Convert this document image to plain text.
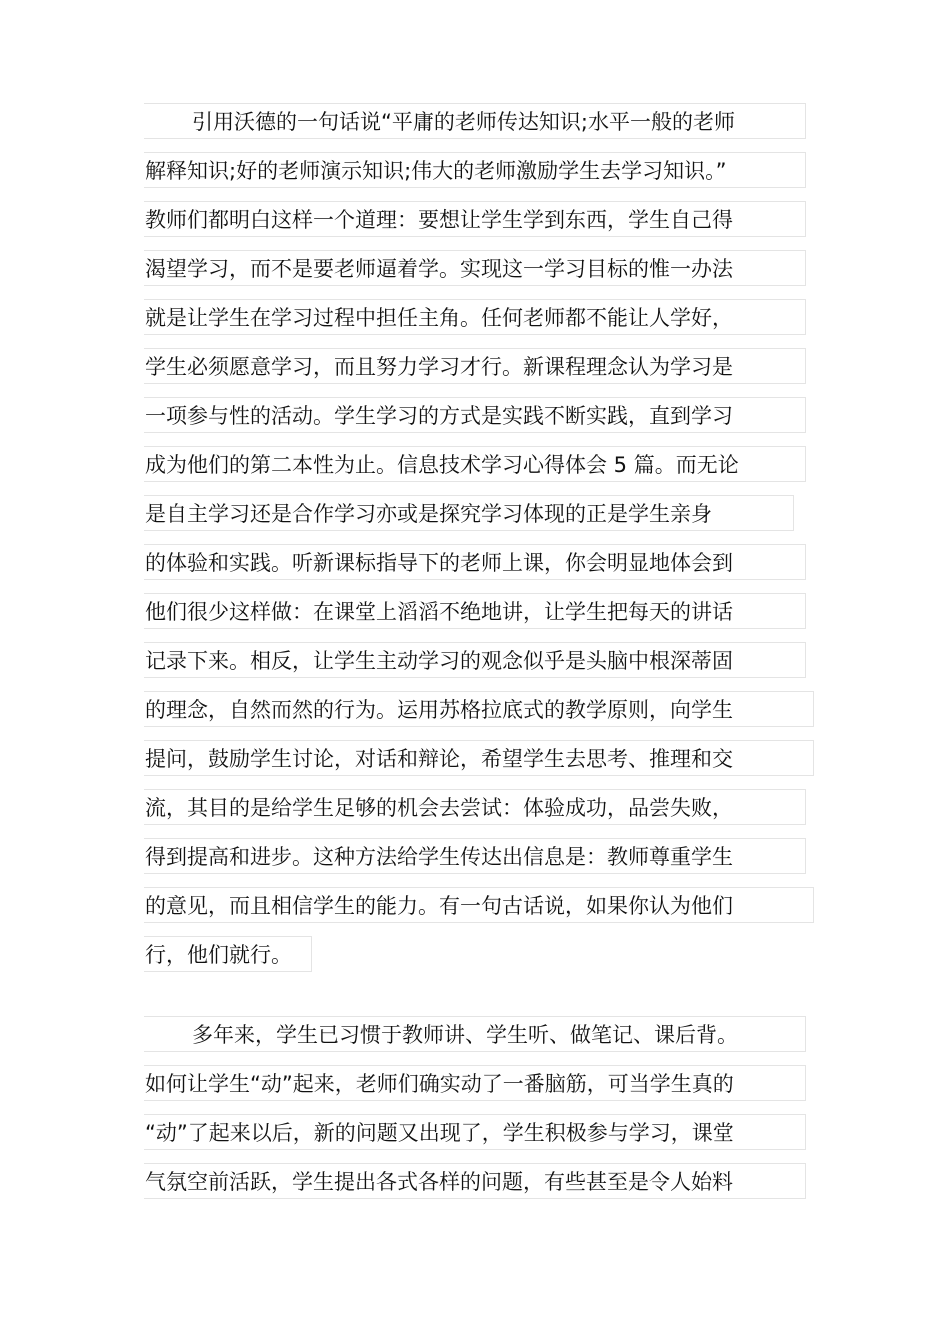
引用沃德的一句话说“平庸的老师传达知识;水平一般的老师
解释知识;好的老师演示知识;伟大的老师激励学生去学习知识。”
教师们都明白这样一个道理：要想让学生学到东西，学生自己得
渴望学习，而不是要老师逼着学。实现这一学习目标的惟一办法
就是让学生在学习过程中担任主角。任何老师都不能让人学好，
学生必须愿意学习，而且努力学习才行。新课程理念认为学习是
一项参与性的活动。学生学习的方式是实践不断实践，直到学习
成为他们的第二本性为止。信息技术学习心得体会 5 篇。而无论
是自主学习还是合作学习亦或是探究学习体现的正是学生亲身
的体验和实践。听新课标指导下的老师上课，你会明显地体会到
他们很少这样做：在课堂上滔滔不绝地讲，让学生把每天的讲话
记录下来。相反，让学生主动学习的观念似乎是头脑中根深蒂固
的理念，自然而然的行为。运用苏格拉底式的教学原则，向学生
提问，鼓励学生讨论，对话和辩论，希望学生去思考、推理和交
流，其目的是给学生足够的机会去尝试：体验成功，品尝失败，
得到提高和进步。这种方法给学生传达出信息是：教师尊重学生
的意见，而且相信学生的能力。有一句古话说，如果你认为他们
行，他们就行。
多年来，学生已习惯于教师讲、学生听、做笔记、课后背。
如何让学生“动”起来，老师们确实动了一番脑筋，可当学生真的
“动”了起来以后，新的问题又出现了，学生积极参与学习，课堂
气氛空前活跃，学生提出各式各样的问题，有些甚至是令人始料
